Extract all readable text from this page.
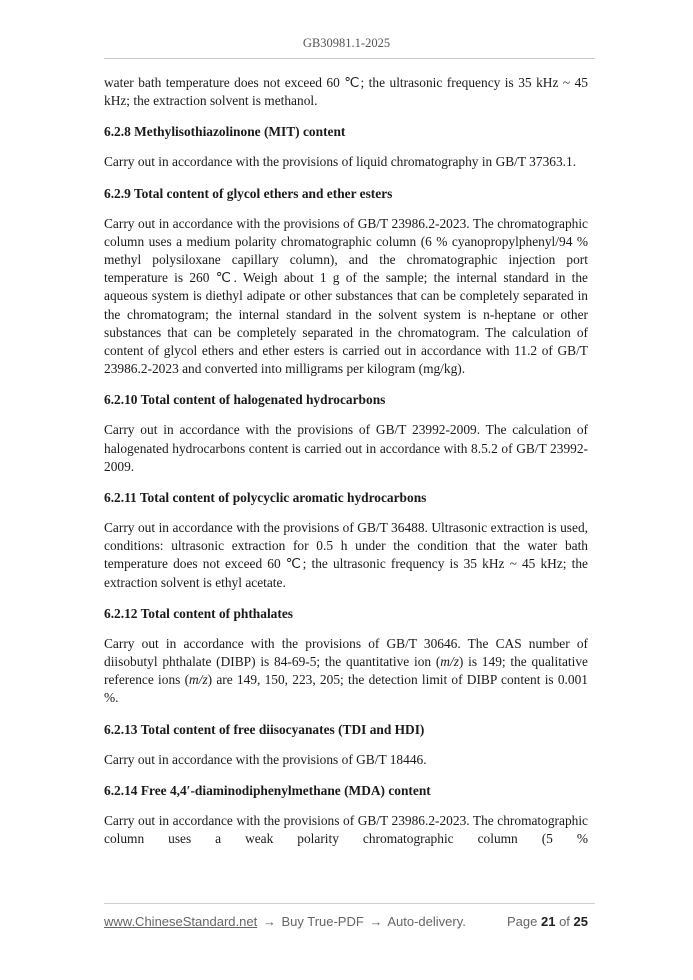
GB30981.1-2025

water bath temperature does not exceed 60 ℃; the ultrasonic frequency is 35 kHz ~ 45 kHz; the extraction solvent is methanol.

6.2.8 Methylisothiazolinone (MIT) content

Carry out in accordance with the provisions of liquid chromatography in GB/T 37363.1.

6.2.9 Total content of glycol ethers and ether esters

Carry out in accordance with the provisions of GB/T 23986.2-2023. The chromatographic column uses a medium polarity chromatographic column (6 % cyanopropylphenyl/94 % methyl polysiloxane capillary column), and the chromatographic injection port temperature is 260 ℃. Weigh about 1 g of the sample; the internal standard in the aqueous system is diethyl adipate or other substances that can be completely separated in the chromatogram; the internal standard in the solvent system is n-heptane or other substances that can be completely separated in the chromatogram. The calculation of content of glycol ethers and ether esters is carried out in accordance with 11.2 of GB/T 23986.2-2023 and converted into milligrams per kilogram (mg/kg).

6.2.10 Total content of halogenated hydrocarbons

Carry out in accordance with the provisions of GB/T 23992-2009. The calculation of halogenated hydrocarbons content is carried out in accordance with 8.5.2 of GB/T 23992-2009.

6.2.11 Total content of polycyclic aromatic hydrocarbons

Carry out in accordance with the provisions of GB/T 36488. Ultrasonic extraction is used, conditions: ultrasonic extraction for 0.5 h under the condition that the water bath temperature does not exceed 60 ℃; the ultrasonic frequency is 35 kHz ~ 45 kHz; the extraction solvent is ethyl acetate.

6.2.12 Total content of phthalates

Carry out in accordance with the provisions of GB/T 30646. The CAS number of diisobutyl phthalate (DIBP) is 84-69-5; the quantitative ion (m/z) is 149; the qualitative reference ions (m/z) are 149, 150, 223, 205; the detection limit of DIBP content is 0.001 %.

6.2.13 Total content of free diisocyanates (TDI and HDI)

Carry out in accordance with the provisions of GB/T 18446.

6.2.14 Free 4,4′-diaminodiphenylmethane (MDA) content

Carry out in accordance with the provisions of GB/T 23986.2-2023. The chromatographic column uses a weak polarity chromatographic column (5 %

www.ChineseStandard.net → Buy True-PDF → Auto-delivery.	Page 21 of 25
